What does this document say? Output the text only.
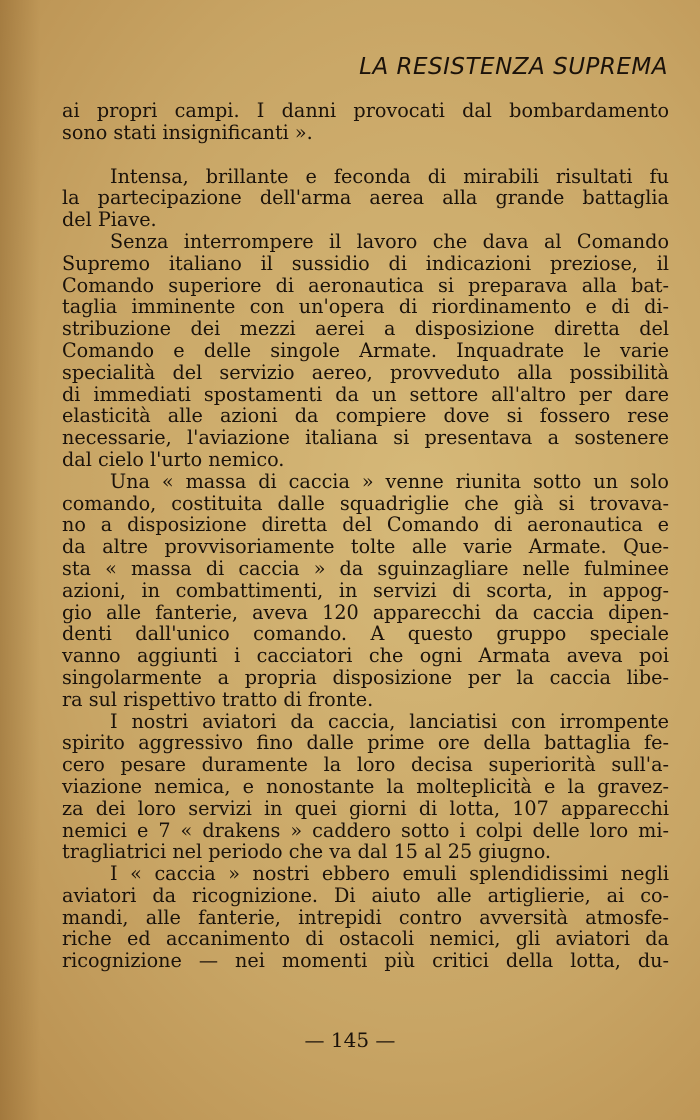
LA RESISTENZA SUPREMA
ai propri campi. I danni provocati dal bombardamento
sono stati insignificanti ».
Intensa, brillante e feconda di mirabili risultati fu
la partecipazione dell'arma aerea alla grande battaglia
del Piave.
Senza interrompere il lavoro che dava al Comando
Supremo italiano il sussidio di indicazioni preziose, il
Comando superiore di aeronautica si preparava alla bat-
taglia imminente con un'opera di riordinamento e di di-
stribuzione dei mezzi aerei a disposizione diretta del
Comando e delle singole Armate. Inquadrate le varie
specialità del servizio aereo, provveduto alla possibilità
di immediati spostamenti da un settore all'altro per dare
elasticità alle azioni da compiere dove si fossero rese
necessarie, l'aviazione italiana si presentava a sostenere
dal cielo l'urto nemico.
Una « massa di caccia » venne riunita sotto un solo
comando, costituita dalle squadriglie che già si trovava-
no a disposizione diretta del Comando di aeronautica e
da altre provvisoriamente tolte alle varie Armate. Que-
sta « massa di caccia » da sguinzagliare nelle fulminee
azioni, in combattimenti, in servizi di scorta, in appog-
gio alle fanterie, aveva 120 apparecchi da caccia dipen-
denti dall'unico comando. A questo gruppo speciale
vanno aggiunti i cacciatori che ogni Armata aveva poi
singolarmente a propria disposizione per la caccia libe-
ra sul rispettivo tratto di fronte.
I nostri aviatori da caccia, lanciatisi con irrompente
spirito aggressivo fino dalle prime ore della battaglia fe-
cero pesare duramente la loro decisa superiorità sull'a-
viazione nemica, e nonostante la molteplicità e la gravez-
za dei loro servizi in quei giorni di lotta, 107 apparecchi
nemici e 7 « drakens » caddero sotto i colpi delle loro mi-
tragliatrici nel periodo che va dal 15 al 25 giugno.
I « caccia » nostri ebbero emuli splendidissimi negli
aviatori da ricognizione. Di aiuto alle artiglierie, ai co-
mandi, alle fanterie, intrepidi contro avversità atmosfe-
riche ed accanimento di ostacoli nemici, gli aviatori da
ricognizione — nei momenti più critici della lotta, du-
— 145 —
